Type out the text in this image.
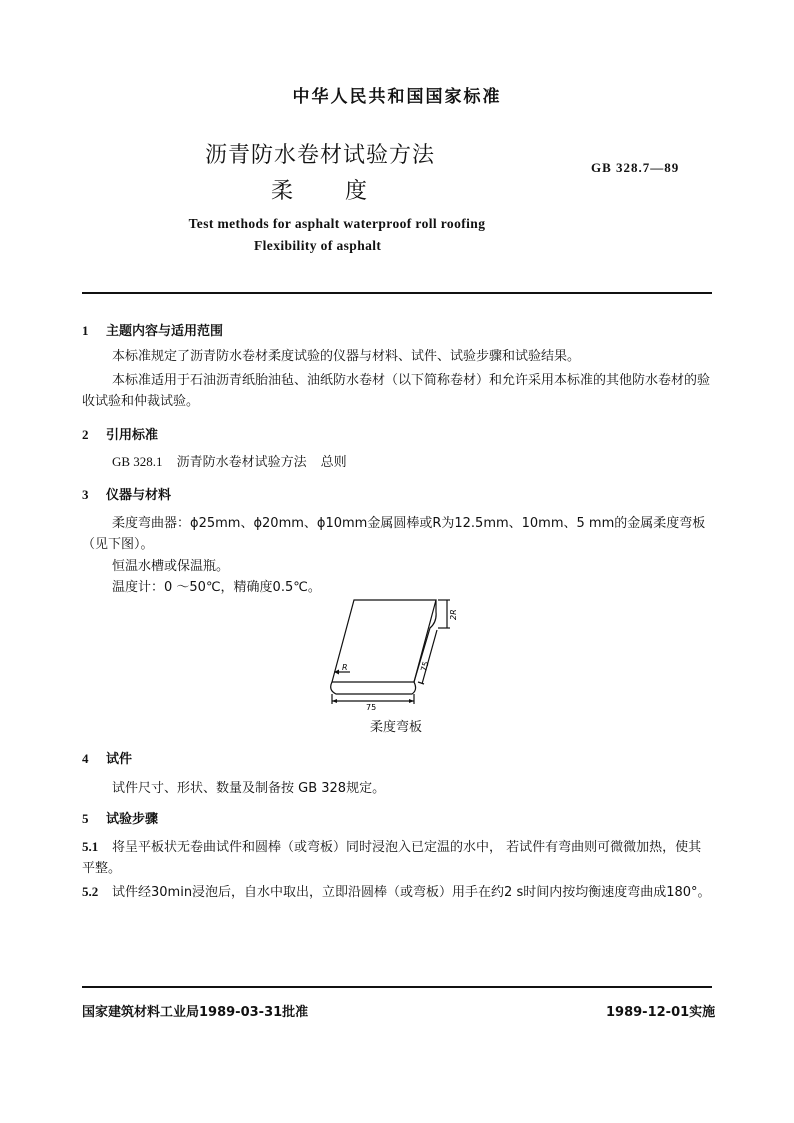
中华人民共和国国家标准
沥青防水卷材试验方法
柔 度
GB 328.7—89
Test methods for asphalt waterproof roll roofing
Flexibility of asphalt
1 主题内容与适用范围

本标准规定了沥青防水卷材柔度试验的仪器与材料、试件、试验步骤和试验结果。

本标准适用于石油沥青纸胎油毡、油纸防水卷材（以下简称卷材）和允许采用本标准的其他防水卷材的验收试验和仲裁试验。

2 引用标准

GB 328.1 沥青防水卷材试验方法 总则

3 仪器与材料

柔度弯曲器：ϕ25mm、ϕ20mm、ϕ10mm金属圆棒或R为12.5mm、10mm、5 mm的金属柔度弯板（见下图）。

恒温水槽或保温瓶。

温度计：0 ～50℃，精确度0.5℃。

R
75
2R
75
柔度弯板
4 试件

试件尺寸、形状、数量及制备按 GB 328规定。

5 试验步骤

5.1 将呈平板状无卷曲试件和圆棒（或弯板）同时浸泡入已定温的水中， 若试件有弯曲则可微微加热，使其平整。

5.2 试件经30min浸泡后，自水中取出，立即沿圆棒（或弯板）用手在约2 s时间内按均衡速度弯曲成180°。

国家建筑材料工业局1989-03-31批准	1989-12-01实施
